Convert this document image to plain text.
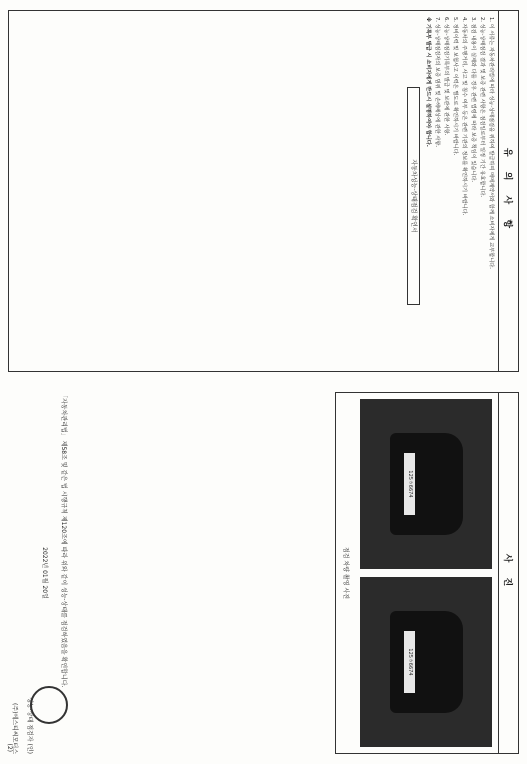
유 의 사 항

1. 이 서류는 자동차관리법에 따라 성능·상태점검을 위하여 발급하며 매매계약서와 함께 소비자에게 교부합니다.

2. 성능·상태점검 결과 및 보증 관련 사항은 점검일로부터 일정 기간 유효합니다.

3. 점검 내용이 실제와 다를 경우 관련 법령에 따라 보증 책임이 있습니다.

4. 자동차의 주행거리, 사고 및 침수 여부 등은 관련 기관의 정보를 확인하시기 바랍니다.

5. 정비이력 및 보험사고 이력은 별도로 확인하시기 바랍니다.

6. 성능·상태점검기록부의 발급 및 보관에 관한 사항.

7. 성능·상태점검자의 보증 범위 및 손해배상에 관한 사항.

※ 기록부 발급 시 소비자에게 반드시 설명하여야 합니다.

자동차성능·상태점검 확인서
사 진
125ㅎ6674
125ㅎ6674
점검 차량 촬영 사진
「자동차관리법」 제58조 및 같은 법 시행규칙 제120조에 따라 위와 같이 성능·상태를 점검하였음을 확인합니다.
2022년 01월 20일
성능·상태 점검자 (인)
(주)에스티씨모터스
(2)
